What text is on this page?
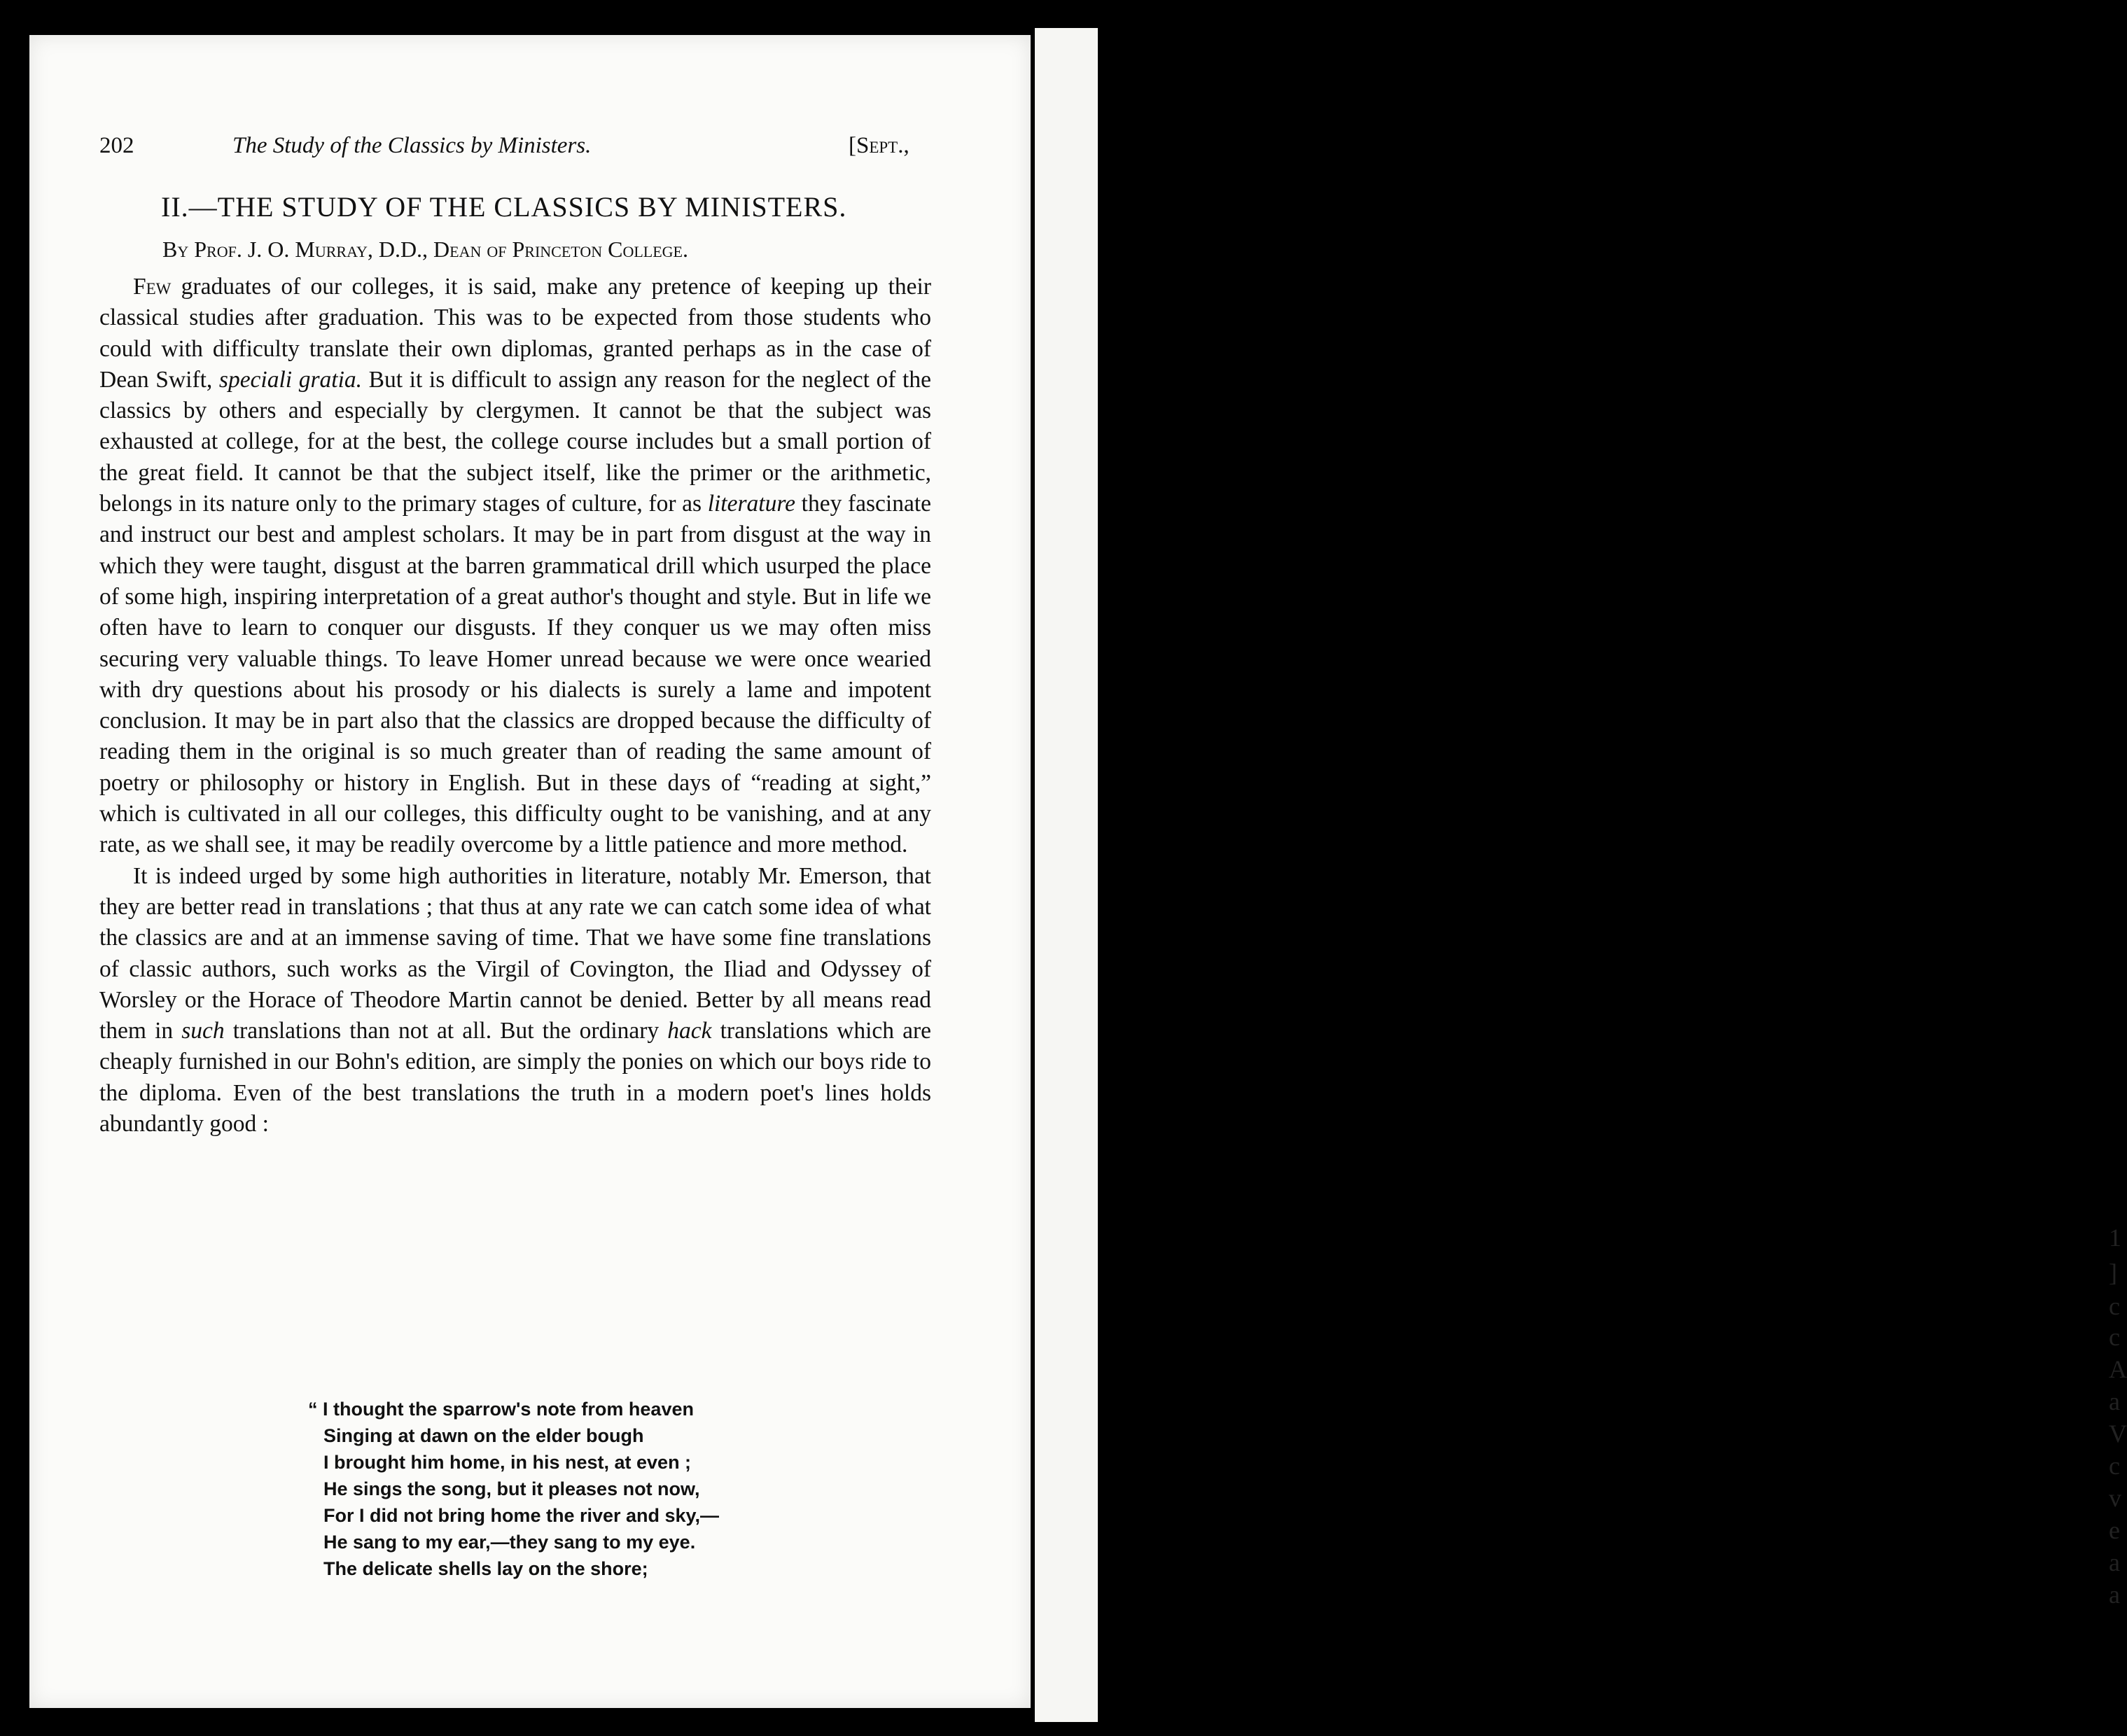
1
]
c
c
A
a
V
c
v
e
a
a
202	The Study of the Classics by Ministers.	[Sept.,
II.—THE STUDY OF THE CLASSICS BY MINISTERS.
By Prof. J. O. Murray, D.D., Dean of Princeton College.

Few graduates of our colleges, it is said, make any pretence of keeping up their classical studies after graduation. This was to be expected from those students who could with difficulty translate their own diplomas, granted perhaps as in the case of Dean Swift, speciali gratia. But it is difficult to assign any reason for the neglect of the classics by others and especially by clergymen. It cannot be that the subject was exhausted at college, for at the best, the college course includes but a small portion of the great field. It cannot be that the subject itself, like the primer or the arithmetic, belongs in its nature only to the primary stages of culture, for as literature they fascinate and instruct our best and amplest scholars. It may be in part from disgust at the way in which they were taught, disgust at the barren grammatical drill which usurped the place of some high, inspiring interpretation of a great author's thought and style. But in life we often have to learn to conquer our disgusts. If they conquer us we may often miss securing very valuable things. To leave Homer unread because we were once wearied with dry questions about his prosody or his dialects is surely a lame and impotent conclusion. It may be in part also that the classics are dropped because the difficulty of reading them in the original is so much greater than of reading the same amount of poetry or philosophy or history in English. But in these days of “reading at sight,” which is cultivated in all our colleges, this difficulty ought to be vanishing, and at any rate, as we shall see, it may be readily overcome by a little patience and more method.

It is indeed urged by some high authorities in literature, notably Mr. Emerson, that they are better read in translations ; that thus at any rate we can catch some idea of what the classics are and at an immense saving of time. That we have some fine translations of classic authors, such works as the Virgil of Covington, the Iliad and Odyssey of Worsley or the Horace of Theodore Martin cannot be denied. Better by all means read them in such translations than not at all. But the ordinary hack translations which are cheaply furnished in our Bohn's edition, are simply the ponies on which our boys ride to the diploma. Even of the best translations the truth in a modern poet's lines holds abundantly good :

“ I thought the sparrow's note from heaven
Singing at dawn on the elder bough
I brought him home, in his nest, at even ;
He sings the song, but it pleases not now,
For I did not bring home the river and sky,—
He sang to my ear,—they sang to my eye.
The delicate shells lay on the shore;
